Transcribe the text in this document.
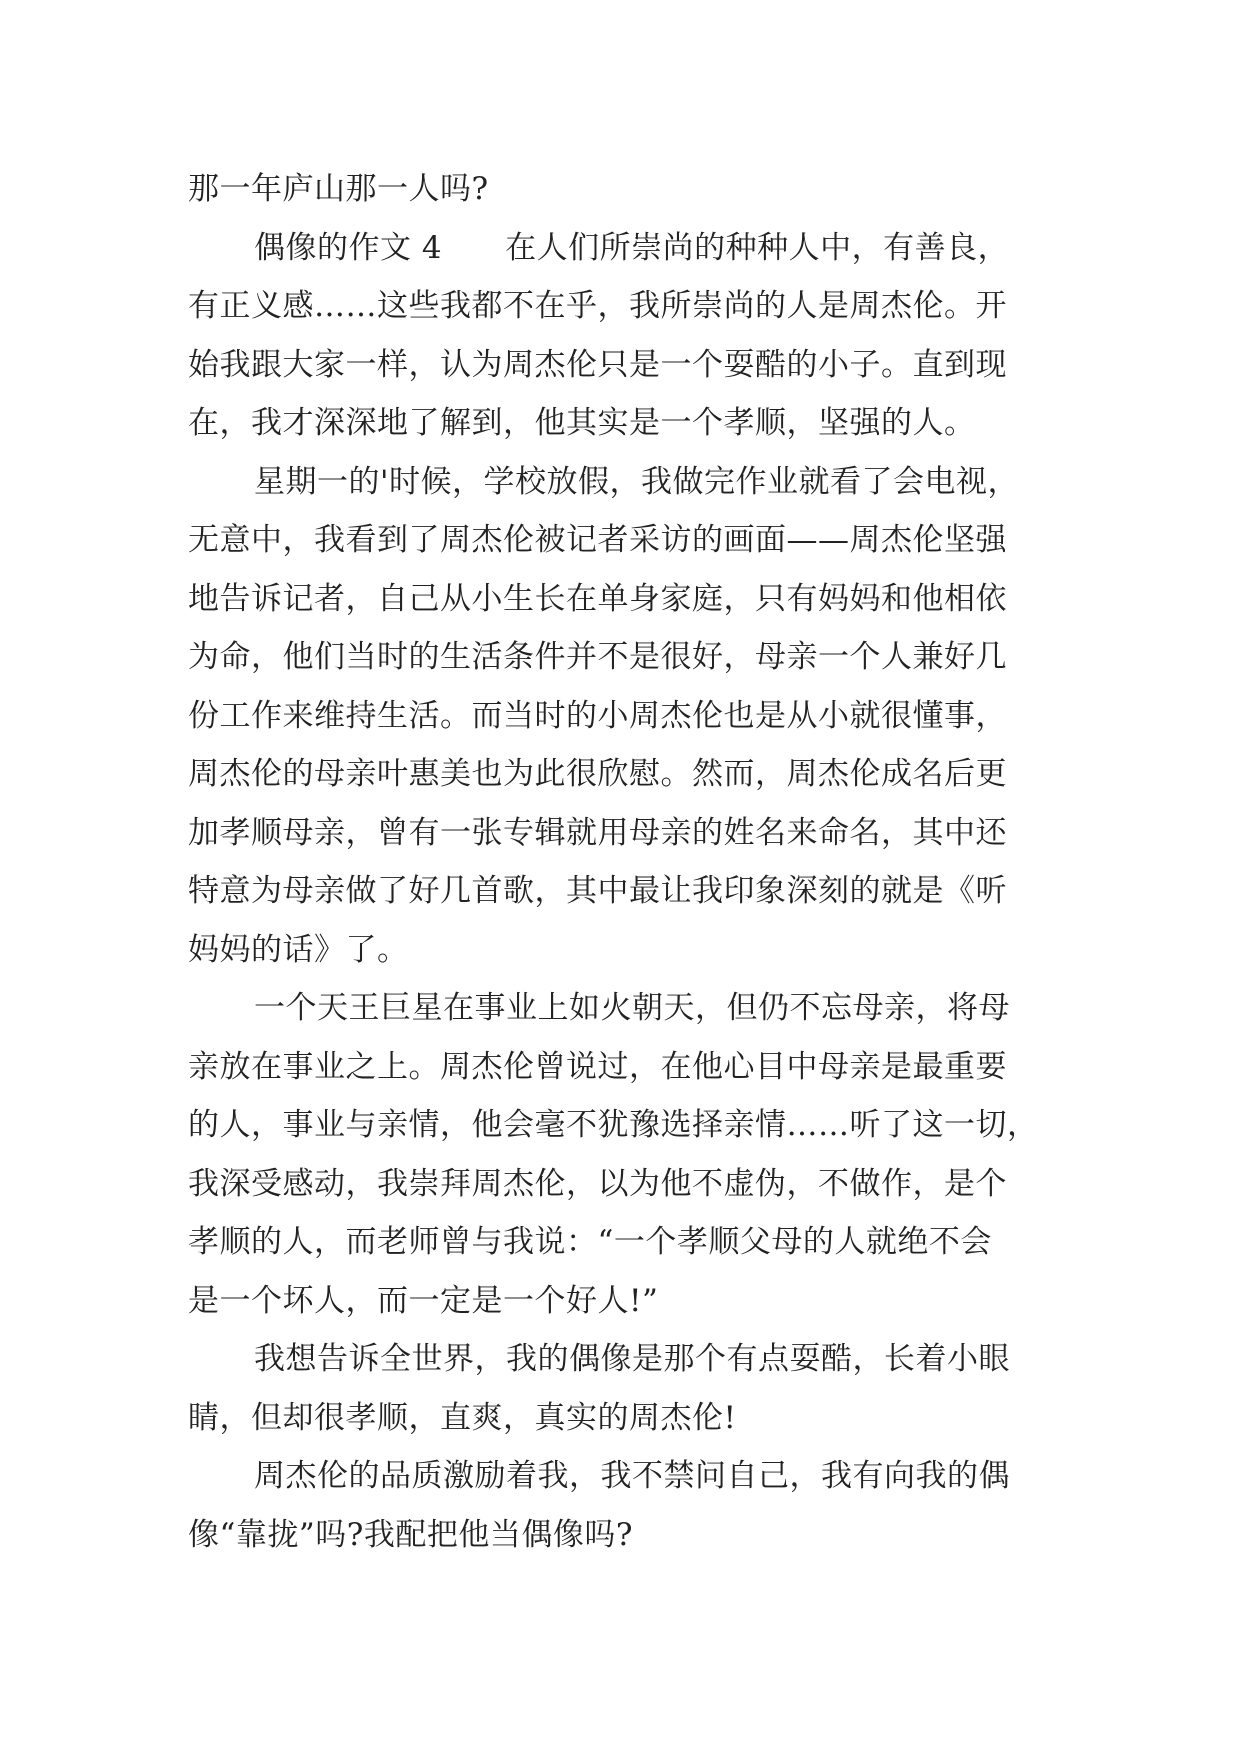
那一年庐山那一人吗?
偶像的作文 4　　在人们所崇尚的种种人中，有善良，
有正义感……这些我都不在乎，我所崇尚的人是周杰伦。开
始我跟大家一样，认为周杰伦只是一个耍酷的小子。直到现
在，我才深深地了解到，他其实是一个孝顺，坚强的人。
星期一的'时候，学校放假，我做完作业就看了会电视，
无意中，我看到了周杰伦被记者采访的画面——周杰伦坚强
地告诉记者，自己从小生长在单身家庭，只有妈妈和他相依
为命，他们当时的生活条件并不是很好，母亲一个人兼好几
份工作来维持生活。而当时的小周杰伦也是从小就很懂事，
周杰伦的母亲叶惠美也为此很欣慰。然而，周杰伦成名后更
加孝顺母亲，曾有一张专辑就用母亲的姓名来命名，其中还
特意为母亲做了好几首歌，其中最让我印象深刻的就是《听
妈妈的话》了。
一个天王巨星在事业上如火朝天，但仍不忘母亲，将母
亲放在事业之上。周杰伦曾说过，在他心目中母亲是最重要
的人，事业与亲情，他会毫不犹豫选择亲情……听了这一切，
我深受感动，我崇拜周杰伦，以为他不虚伪，不做作，是个
孝顺的人，而老师曾与我说：“一个孝顺父母的人就绝不会
是一个坏人，而一定是一个好人!”
我想告诉全世界，我的偶像是那个有点耍酷，长着小眼
睛，但却很孝顺，直爽，真实的周杰伦!
周杰伦的品质激励着我，我不禁问自己，我有向我的偶
像“靠拢”吗?我配把他当偶像吗?
